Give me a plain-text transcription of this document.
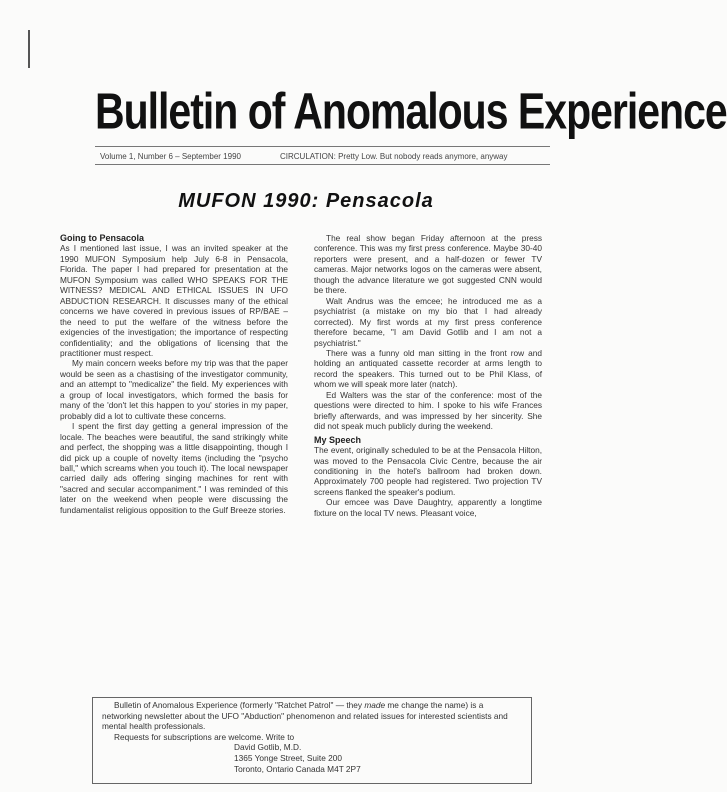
Bulletin of Anomalous Experience
Volume 1, Number 6 – September 1990	CIRCULATION: Pretty Low. But nobody reads anymore, anyway
MUFON 1990: Pensacola
Going to Pensacola

As I mentioned last issue, I was an invited speaker at the 1990 MUFON Symposium help July 6-8 in Pensacola, Florida. The paper I had prepared for presentation at the MUFON Symposium was called WHO SPEAKS FOR THE WITNESS? MEDICAL AND ETHICAL ISSUES IN UFO ABDUCTION RESEARCH. It discusses many of the ethical concerns we have covered in previous issues of RP/BAE – the need to put the welfare of the witness before the exigencies of the investigation; the importance of respecting confidentiality; and the obligations of licensing that the practitioner must respect.

My main concern weeks before my trip was that the paper would be seen as a chastising of the investigator community, and an attempt to "medicalize" the field. My experiences with a group of local investigators, which formed the basis for many of the 'don't let this happen to you' stories in my paper, probably did a lot to cultivate these concerns.

I spent the first day getting a general impression of the locale. The beaches were beautiful, the sand strikingly white and perfect, the shopping was a little disappointing, though I did pick up a couple of novelty items (including the "psycho ball," which screams when you touch it). The local newspaper carried daily ads offering singing machines for rent with "sacred and secular accompaniment." I was reminded of this later on the weekend when people were discussing the fundamentalist religious opposition to the Gulf Breeze stories.

The real show began Friday afternoon at the press conference. This was my first press conference. Maybe 30-40 reporters were present, and a half-dozen or fewer TV cameras. Major networks logos on the cameras were absent, though the advance literature we got suggested CNN would be there.

Walt Andrus was the emcee; he introduced me as a psychiatrist (a mistake on my bio that I had already corrected). My first words at my first press conference therefore became, "I am David Gotlib and I am not a psychiatrist."

There was a funny old man sitting in the front row and holding an antiquated cassette recorder at arms length to record the speakers. This turned out to be Phil Klass, of whom we will speak more later (natch).

Ed Walters was the star of the conference: most of the questions were directed to him. I spoke to his wife Frances briefly afterwards, and was impressed by her sincerity. She did not speak much publicly during the weekend.

My Speech

The event, originally scheduled to be at the Pensacola Hilton, was moved to the Pensacola Civic Centre, because the air conditioning in the hotel's ballroom had broken down. Approximately 700 people had registered. Two projection TV screens flanked the speaker's podium.

Our emcee was Dave Daughtry, apparently a longtime fixture on the local TV news. Pleasant voice,

Bulletin of Anomalous Experience (formerly "Ratchet Patrol" — they made me change the name) is a networking newsletter about the UFO "Abduction" phenomenon and related issues for interested scientists and mental health professionals.

Requests for subscriptions are welcome. Write to

David Gotlib, M.D.

1365 Yonge Street, Suite 200

Toronto, Ontario Canada M4T 2P7
